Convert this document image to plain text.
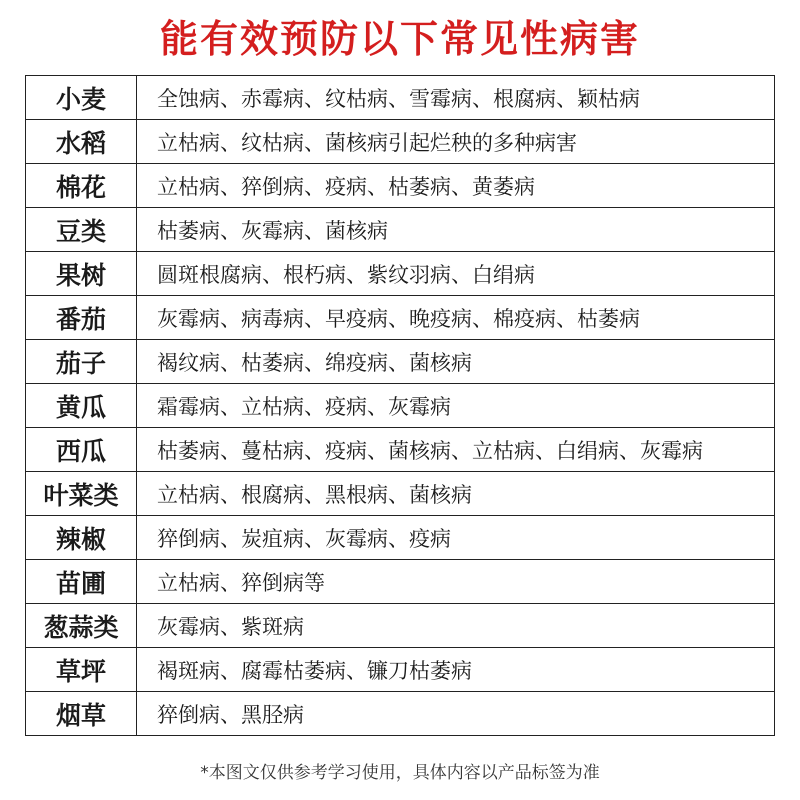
能有效预防以下常见性病害
小麦	全蚀病、赤霉病、纹枯病、雪霉病、根腐病、颖枯病
水稻	立枯病、纹枯病、菌核病引起烂秧的多种病害
棉花	立枯病、猝倒病、疫病、枯萎病、黄萎病
豆类	枯萎病、灰霉病、菌核病
果树	圆斑根腐病、根朽病、紫纹羽病、白绢病
番茄	灰霉病、病毒病、早疫病、晚疫病、棉疫病、枯萎病
茄子	褐纹病、枯萎病、绵疫病、菌核病
黄瓜	霜霉病、立枯病、疫病、灰霉病
西瓜	枯萎病、蔓枯病、疫病、菌核病、立枯病、白绢病、灰霉病
叶菜类	立枯病、根腐病、黑根病、菌核病
辣椒	猝倒病、炭疽病、灰霉病、疫病
苗圃	立枯病、猝倒病等
葱蒜类	灰霉病、紫斑病
草坪	褐斑病、腐霉枯萎病、镰刀枯萎病
烟草	猝倒病、黑胫病
*本图文仅供参考学习使用，具体内容以产品标签为准
